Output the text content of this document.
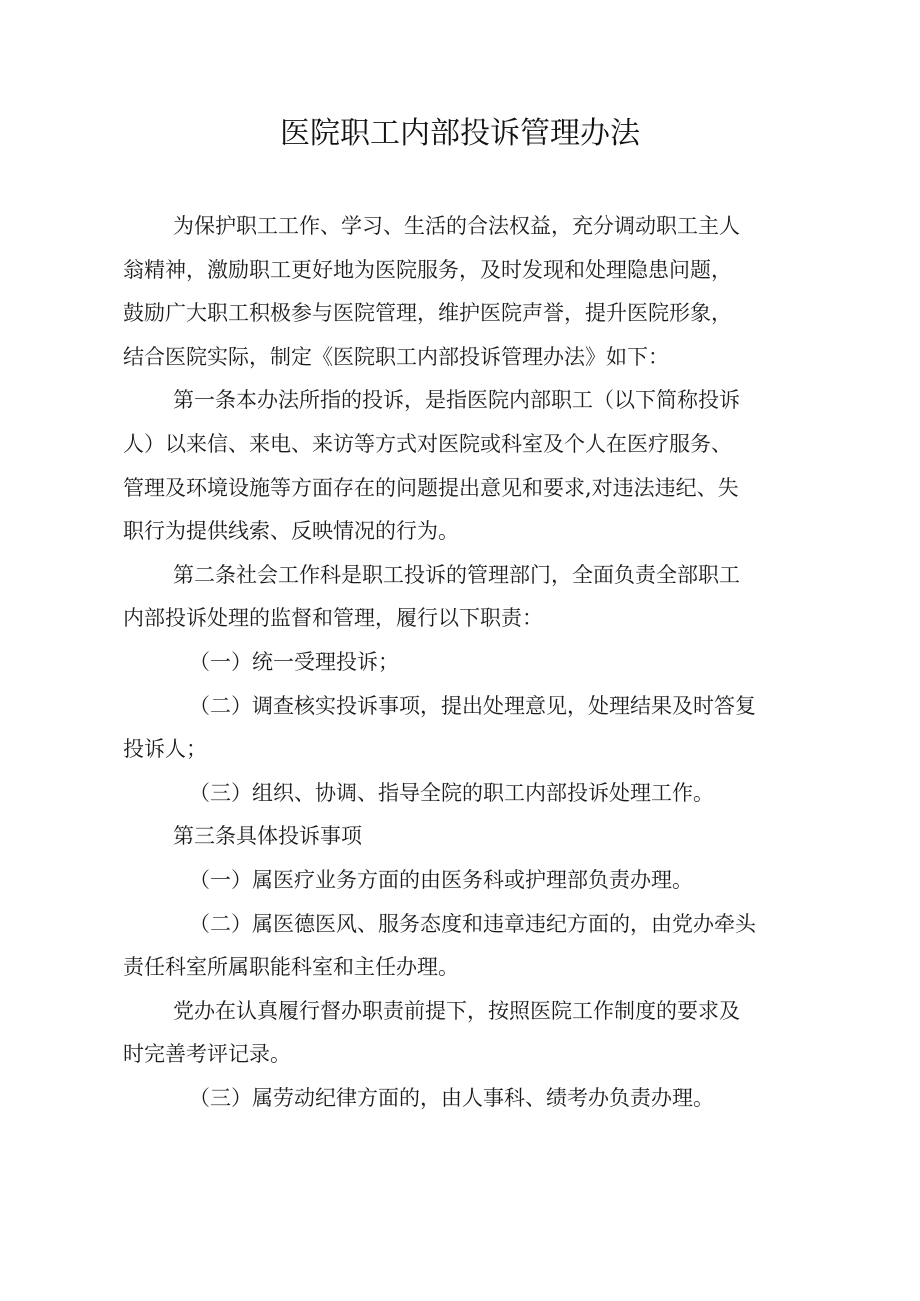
医院职工内部投诉管理办法
为保护职工工作、学习、生活的合法权益，充分调动职工主人
翁精神，激励职工更好地为医院服务，及时发现和处理隐患问题，
鼓励广大职工积极参与医院管理，维护医院声誉，提升医院形象，
结合医院实际，制定《医院职工内部投诉管理办法》如下：
第一条本办法所指的投诉，是指医院内部职工（以下简称投诉
人）以来信、来电、来访等方式对医院或科室及个人在医疗服务、
管理及环境设施等方面存在的问题提出意见和要求,对违法违纪、失
职行为提供线索、反映情况的行为。
第二条社会工作科是职工投诉的管理部门，全面负责全部职工
内部投诉处理的监督和管理，履行以下职责：
（一）统一受理投诉；
（二）调查核实投诉事项，提出处理意见，处理结果及时答复
投诉人；
（三）组织、协调、指导全院的职工内部投诉处理工作。
第三条具体投诉事项
（一）属医疗业务方面的由医务科或护理部负责办理。
（二）属医德医风、服务态度和违章违纪方面的，由党办牵头
责任科室所属职能科室和主任办理。
党办在认真履行督办职责前提下，按照医院工作制度的要求及
时完善考评记录。
（三）属劳动纪律方面的，由人事科、绩考办负责办理。
